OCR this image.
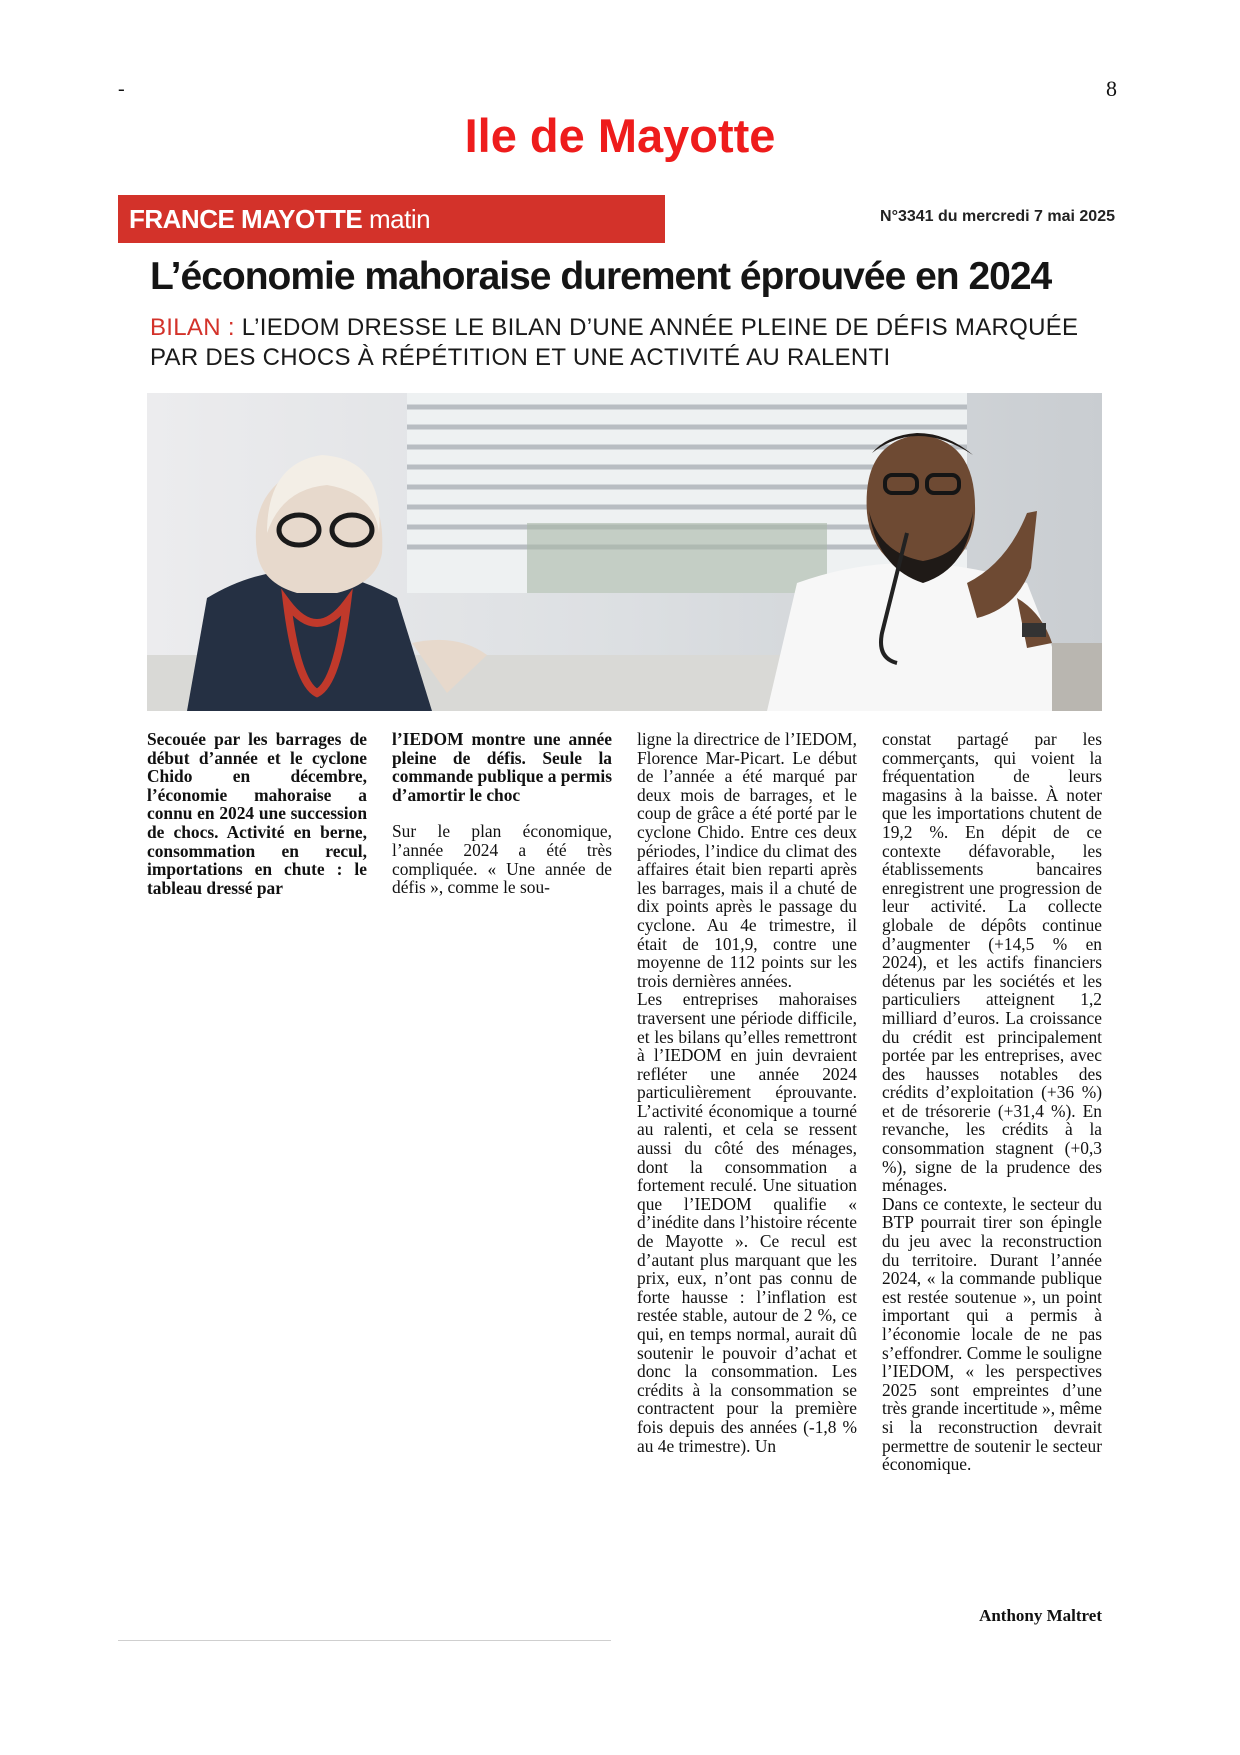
-	8
Ile de Mayotte
FRANCE MAYOTTE matin	N°3341 du mercredi 7 mai 2025
L’économie mahoraise durement éprouvée en 2024
BILAN : L’IEDOM DRESSE LE BILAN D’UNE ANNÉE PLEINE DE DÉFIS MARQUÉE PAR DES CHOCS À RÉPÉTITION ET UNE ACTIVITÉ AU RALENTI
Secouée par les barrages de début d’année et le cyclone Chido en décembre, l’économie mahoraise a connu en 2024 une succession de chocs. Activité en berne, consommation en recul, importations en chute : le tableau dressé par
l’IEDOM montre une année pleine de défis. Seule la commande publique a permis d’amortir le choc
Sur le plan économique, l’année 2024 a été très compliquée. « Une année de défis », comme le sou-
ligne la directrice de l’IEDOM, Florence Mar-Picart. Le début de l’année a été marqué par deux mois de barrages, et le coup de grâce a été porté par le cyclone Chido. Entre ces deux périodes, l’indice du climat des affaires était bien reparti après les barrages, mais il a chuté de dix points après le passage du cyclone. Au 4e trimestre, il était de 101,9, contre une moyenne de 112 points sur les trois dernières années.
Les entreprises mahoraises traversent une période difficile, et les bilans qu’elles remettront à l’IEDOM en juin devraient refléter une année 2024 particulièrement éprouvante. L’activité économique a tourné au ralenti, et cela se ressent aussi du côté des ménages, dont la consommation a fortement reculé. Une situation que l’IEDOM qualifie « d’inédite dans l’histoire récente de Mayotte ». Ce recul est d’autant plus marquant que les prix, eux, n’ont pas connu de forte hausse : l’inflation est restée stable, autour de 2 %, ce qui, en temps normal, aurait dû soutenir le pouvoir d’achat et donc la consommation. Les crédits à la consommation se contractent pour la première fois depuis des années (-1,8 % au 4e trimestre). Un
constat partagé par les commerçants, qui voient la fréquentation de leurs magasins à la baisse. À noter que les importations chutent de 19,2 %. En dépit de ce contexte défavorable, les établissements bancaires enregistrent une progression de leur activité. La collecte globale de dépôts continue d’augmenter (+14,5 % en 2024), et les actifs financiers détenus par les sociétés et les particuliers atteignent 1,2 milliard d’euros. La croissance du crédit est principalement portée par les entreprises, avec des hausses notables des crédits d’exploitation (+36 %) et de trésorerie (+31,4 %). En revanche, les crédits à la consommation stagnent (+0,3 %), signe de la prudence des ménages.
Dans ce contexte, le secteur du BTP pourrait tirer son épingle du jeu avec la reconstruction du territoire. Durant l’année 2024, « la commande publique est restée soutenue », un point important qui a permis à l’économie locale de ne pas s’effondrer. Comme le souligne l’IEDOM, « les perspectives 2025 sont empreintes d’une très grande incertitude », même si la reconstruction devrait permettre de soutenir le secteur économique.
Anthony Maltret
